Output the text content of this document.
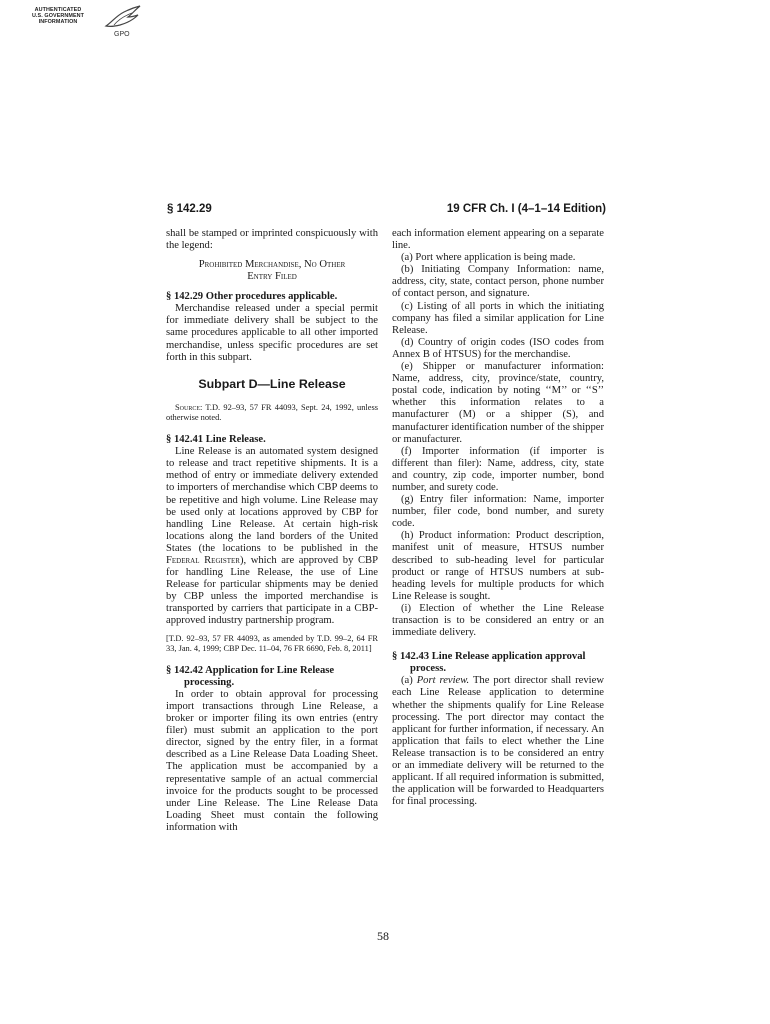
AUTHENTICATED
U.S. GOVERNMENT
INFORMATION
GPO
§ 142.29	19 CFR Ch. I (4–1–14 Edition)

shall be stamped or imprinted conspicuously with the legend:

Prohibited Merchandise, No Other
Entry Filed

§ 142.29 Other procedures applicable.

Merchandise released under a special permit for immediate delivery shall be subject to the same procedures applicable to all other imported merchandise, unless specific procedures are set forth in this subpart.

Subpart D—Line Release

Source: T.D. 92–93, 57 FR 44093, Sept. 24, 1992, unless otherwise noted.

§ 142.41 Line Release.

Line Release is an automated system designed to release and tract repetitive shipments. It is a method of entry or immediate delivery extended to importers of merchandise which CBP deems to be repetitive and high volume. Line Release may be used only at locations approved by CBP for handling Line Release. At certain high-risk locations along the land borders of the United States (the locations to be published in the Federal Register), which are approved by CBP for handling Line Release, the use of Line Release for particular shipments may be denied by CBP unless the imported merchandise is transported by carriers that participate in a CBP-approved industry partnership program.

[T.D. 92–93, 57 FR 44093, as amended by T.D. 99–2, 64 FR 33, Jan. 4, 1999; CBP Dec. 11–04, 76 FR 6690, Feb. 8, 2011]

§ 142.42 Application for Line Release processing.

In order to obtain approval for processing import transactions through Line Release, a broker or importer filing its own entries (entry filer) must submit an application to the port director, signed by the entry filer, in a format described as a Line Release Data Loading Sheet. The application must be accompanied by a representative sample of an actual commercial invoice for the products sought to be processed under Line Release. The Line Release Data Loading Sheet must contain the following information with

each information element appearing on a separate line.

(a) Port where application is being made.

(b) Initiating Company Information: name, address, city, state, contact person, phone number of contact person, and signature.

(c) Listing of all ports in which the initiating company has filed a similar application for Line Release.

(d) Country of origin codes (ISO codes from Annex B of HTSUS) for the merchandise.

(e) Shipper or manufacturer information: Name, address, city, province/state, country, postal code, indication by noting ‘‘M’’ or ‘‘S’’ whether this information relates to a manufacturer (M) or a shipper (S), and manufacturer identification number of the shipper or manufacturer.

(f) Importer information (if importer is different than filer): Name, address, city, state and country, zip code, importer number, bond number, and surety code.

(g) Entry filer information: Name, importer number, filer code, bond number, and surety code.

(h) Product information: Product description, manifest unit of measure, HTSUS number described to sub-heading level for particular product or range of HTSUS numbers at sub-heading levels for multiple products for which Line Release is sought.

(i) Election of whether the Line Release transaction is to be considered an entry or an immediate delivery.

§ 142.43 Line Release application approval process.

(a) Port review. The port director shall review each Line Release application to determine whether the shipments qualify for Line Release processing. The port director may contact the applicant for further information, if necessary. An application that fails to elect whether the Line Release transaction is to be considered an entry or an immediate delivery will be returned to the applicant. If all required information is submitted, the application will be forwarded to Headquarters for final processing.

58
